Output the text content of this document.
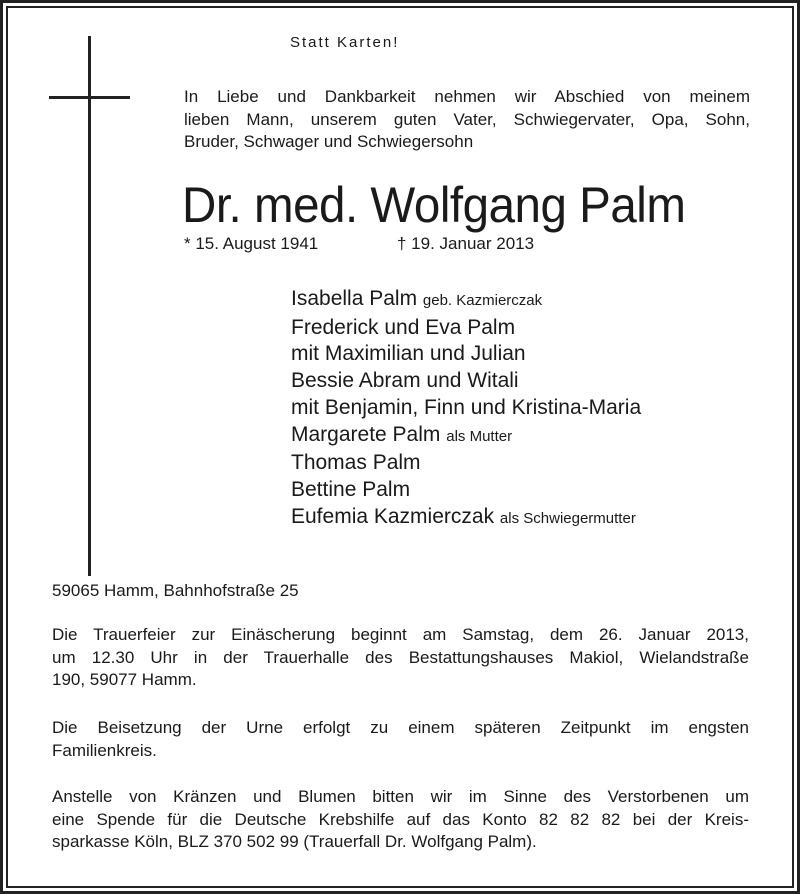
Statt Karten!
In Liebe und Dankbarkeit nehmen wir Abschied von meinem
lieben Mann, unserem guten Vater, Schwiegervater, Opa, Sohn,
Bruder, Schwager und Schwiegersohn
Dr. med. Wolfgang Palm
* 15. August 1941	† 19. Januar 2013
Isabella Palm geb. Kazmierczak
Frederick und Eva Palm
mit Maximilian und Julian
Bessie Abram und Witali
mit Benjamin, Finn und Kristina-Maria
Margarete Palm als Mutter
Thomas Palm
Bettine Palm
Eufemia Kazmierczak als Schwiegermutter
59065 Hamm, Bahnhofstraße 25
Die Trauerfeier zur Einäscherung beginnt am Samstag, dem 26. Januar 2013,
um 12.30 Uhr in der Trauerhalle des Bestattungshauses Makiol, Wielandstraße
190, 59077 Hamm.
Die Beisetzung der Urne erfolgt zu einem späteren Zeitpunkt im engsten
Familienkreis.
Anstelle von Kränzen und Blumen bitten wir im Sinne des Verstorbenen um
eine Spende für die Deutsche Krebshilfe auf das Konto 82 82 82 bei der Kreis-
sparkasse Köln, BLZ 370 502 99 (Trauerfall Dr. Wolfgang Palm).
